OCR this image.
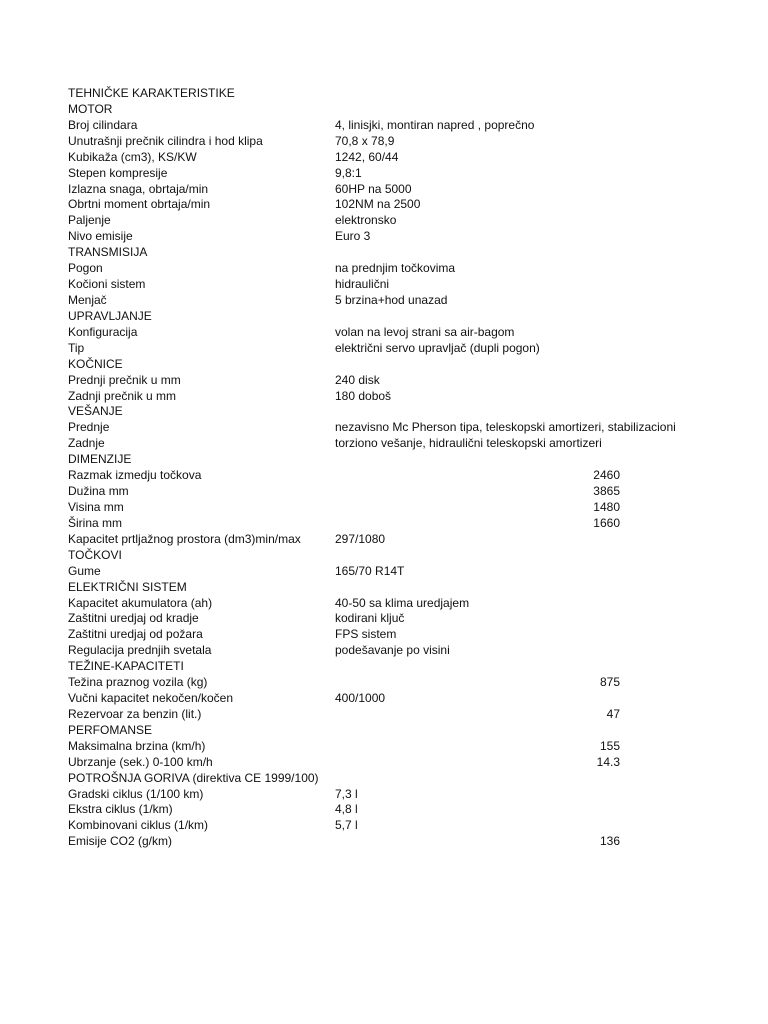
TEHNIČKE KARAKTERISTIKE
MOTOR
Broj cilindara	4, linisjki, montiran napred , poprečno
Unutrašnji prečnik cilindra i hod klipa	70,8 x 78,9
Kubikaža (cm3), KS/KW	1242, 60/44
Stepen kompresije	9,8:1
Izlazna snaga, obrtaja/min	60HP na 5000
Obrtni moment obrtaja/min	102NM na 2500
Paljenje	elektronsko
Nivo emisije	Euro 3
TRANSMISIJA
Pogon	na prednjim točkovima
Kočioni sistem	hidraulični
Menjač	5 brzina+hod unazad
UPRAVLJANJE
Konfiguracija	volan na levoj strani sa air-bagom
Tip	električni servo upravljač (dupli pogon)
KOČNICE
Prednji prečnik u mm	240 disk
Zadnji prečnik u mm	180 doboš
VEŠANJE
Prednje	nezavisno Mc Pherson tipa, teleskopski amortizeri, stabilizacioni
Zadnje	torziono vešanje, hidraulični teleskopski amortizeri
DIMENZIJE
Razmak izmedju točkova	2460
Dužina mm	3865
Visina mm	1480
Širina mm	1660
Kapacitet prtljažnog prostora (dm3)min/max	297/1080
TOČKOVI
Gume	165/70 R14T
ELEKTRIČNI SISTEM
Kapacitet akumulatora (ah)	40-50 sa klima uredjajem
Zaštitni uredjaj od kradje	kodirani ključ
Zaštitni uredjaj od požara	FPS sistem
Regulacija prednjih svetala	podešavanje po visini
TEŽINE-KAPACITETI
Težina praznog vozila (kg)	875
Vučni kapacitet nekočen/kočen	400/1000
Rezervoar za benzin (lit.)	47
PERFOMANSE
Maksimalna brzina (km/h)	155
Ubrzanje (sek.) 0-100 km/h	14.3
POTROŠNJA GORIVA (direktiva CE 1999/100)
Gradski ciklus (1/100 km)	7,3 l
Ekstra ciklus (1/km)	4,8 l
Kombinovani ciklus (1/km)	5,7 l
Emisije CO2 (g/km)	136
